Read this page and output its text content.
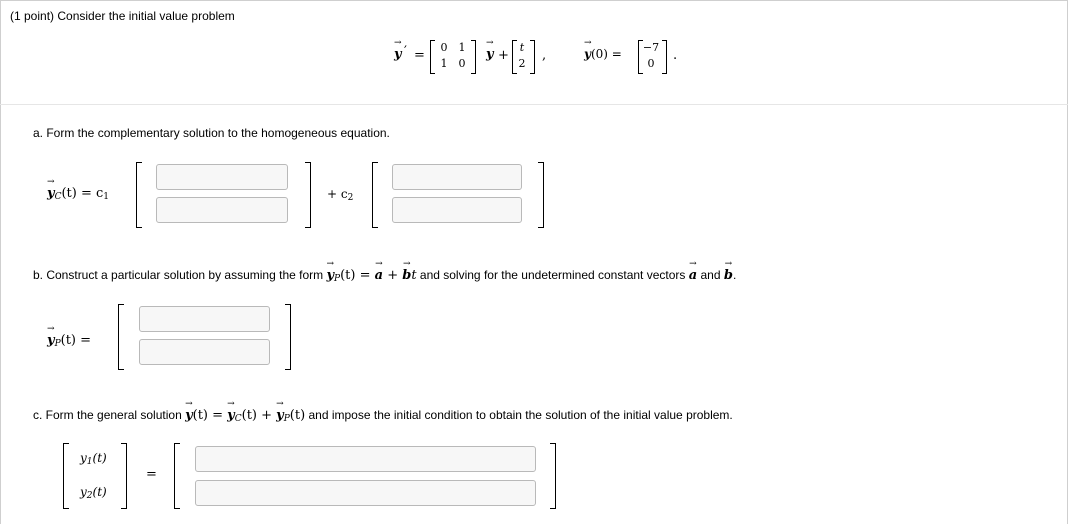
(1 point) Consider the initial value problem
→ y ′ =
0 1
1 0
→ y +
t
2
,
→	y(0) = −7
0
.
a. Form the complementary solution to the homogeneous equation.
→ $y_C(t) = c_1$	+ $c_2$
b. Construct a particular solution by assuming the form → $y_P(t)$ = → a + → bt and solving for the undetermined constant vectors → a and → b.
→ $y_P(t)$ =
c. Form the general solution → y(t) = → $y_C(t)$ + → $y_P(t)$ and impose the initial condition to obtain the solution of the initial value problem.
$y_1(t)$
$y_2(t)$
=
